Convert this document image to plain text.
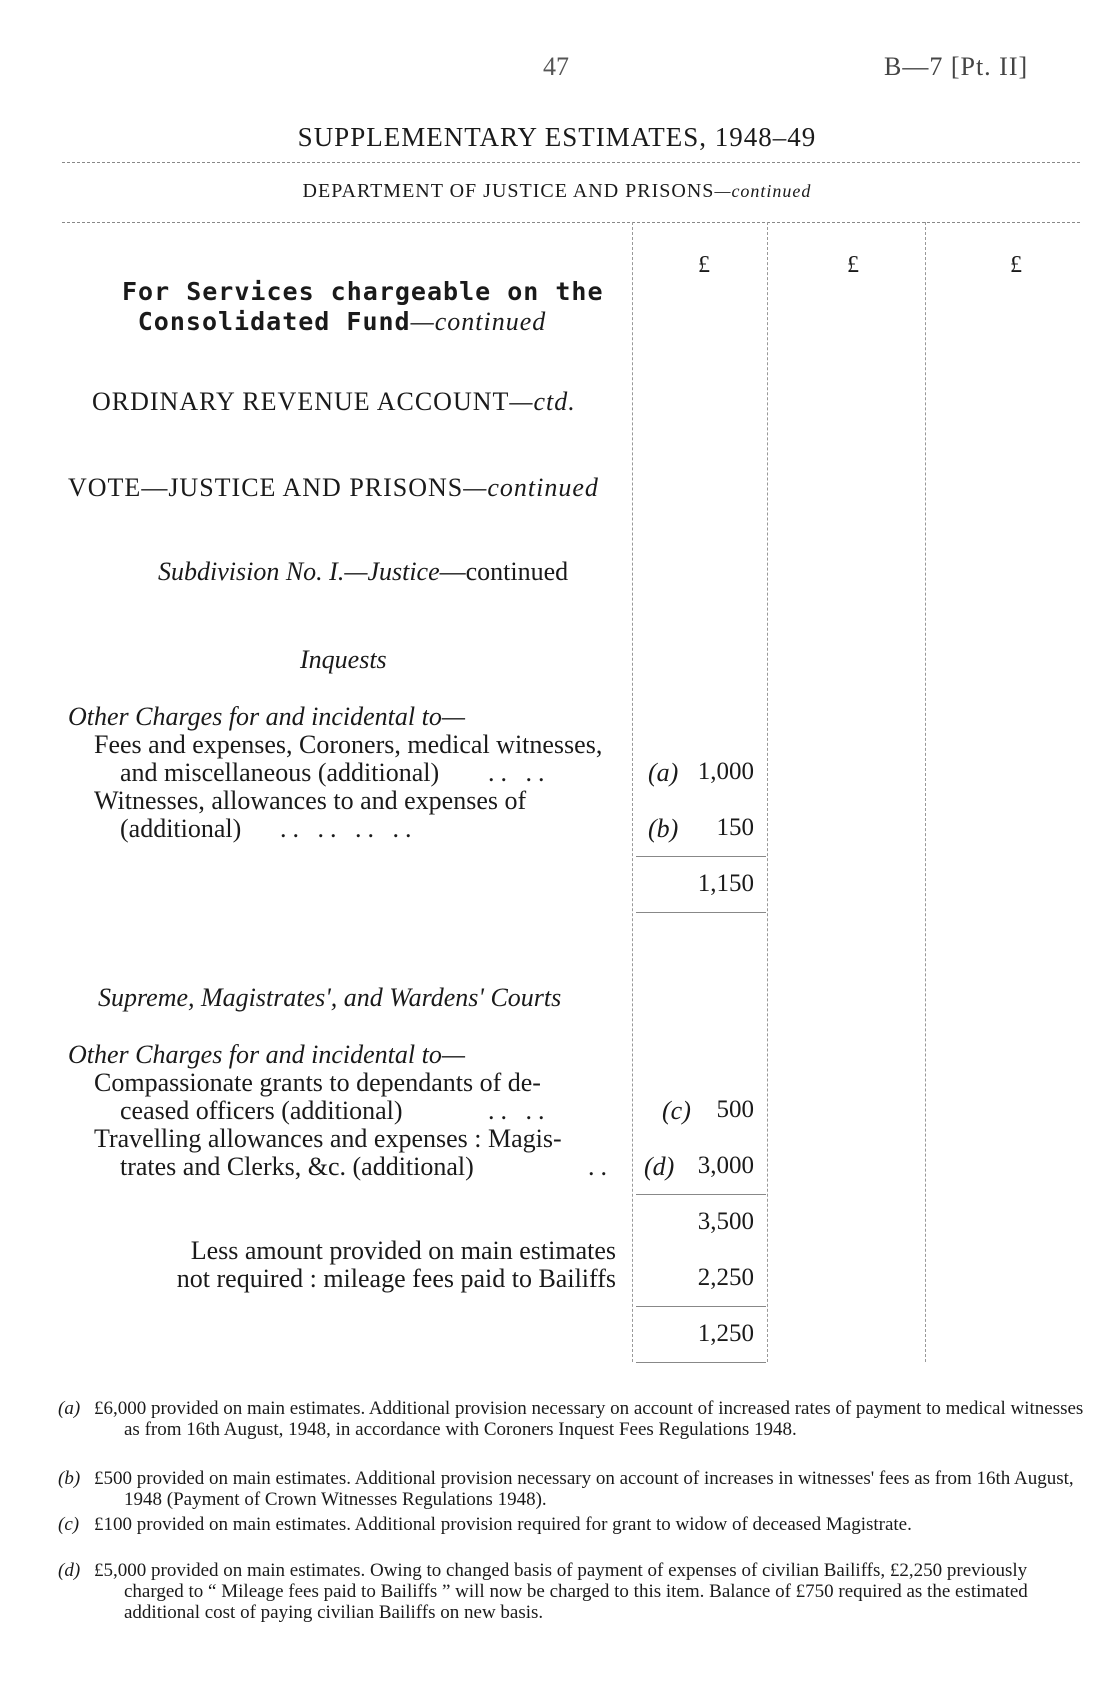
47	B—7 [Pt. II]
SUPPLEMENTARY ESTIMATES, 1948–49
DEPARTMENT OF JUSTICE AND PRISONS—continued
£	£	£
For Services chargeable on the
Consolidated Fund—continued
ORDINARY REVENUE ACCOUNT—ctd.
VOTE—JUSTICE AND PRISONS—continued
Subdivision No. I.—Justice—continued
Inquests
Other Charges for and incidental to—
Fees and expenses, Coroners, medical witnesses,
and miscellaneous (additional) .. ..	(a) 1,000
Witnesses, allowances to and expenses of
(additional) .. .. .. ..	(b)	150
1,150
Supreme, Magistrates', and Wardens' Courts
Other Charges for and incidental to—
Compassionate grants to dependants of de-
ceased officers (additional)	.. ..	(c)	500
Travelling allowances and expenses : Magis-
trates and Clerks, &c. (additional)	.. (d) 3,000
3,500
Less amount provided on main estimates
not required : mileage fees paid to Bailiffs	2,250
1,250
(a) £6,000 provided on main estimates. Additional provision necessary on account of increased rates of payment to medical witnesses as from 16th August, 1948, in accordance with Coroners Inquest Fees Regulations 1948.
(b) £500 provided on main estimates. Additional provision necessary on account of increases in witnesses' fees as from 16th August, 1948 (Payment of Crown Witnesses Regulations 1948).
(c) £100 provided on main estimates. Additional provision required for grant to widow of deceased Magistrate.
(d) £5,000 provided on main estimates. Owing to changed basis of payment of expenses of civilian Bailiffs, £2,250 previously charged to “ Mileage fees paid to Bailiffs ” will now be charged to this item. Balance of £750 required as the estimated additional cost of paying civilian Bailiffs on new basis.
